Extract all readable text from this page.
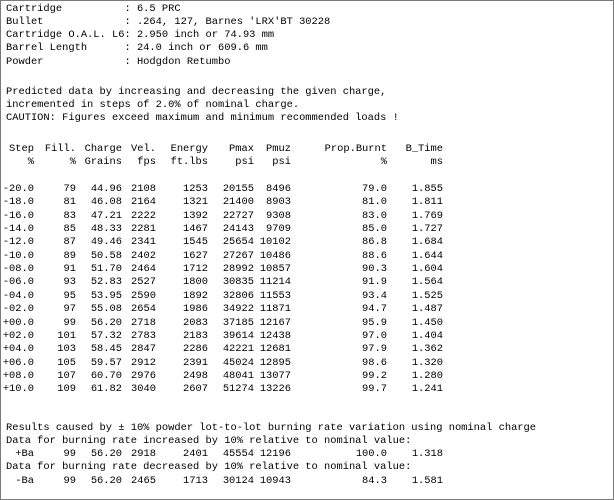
Cartridge          : 6.5 PRC
Bullet             : .264, 127, Barnes 'LRX'BT 30228
Cartridge O.A.L. L6: 2.950 inch or 74.93 mm
Barrel Length      : 24.0 inch or 609.6 mm
Powder             : Hodgdon Retumbo
Predicted data by increasing and decreasing the given charge,
incremented in steps of 2.0% of nominal charge.
CAUTION: Figures exceed maximum and minimum recommended loads !
Step	Fill. Charge Vel.	Energy	Pmax	Pmuz	Prop.Burnt	B_Time
%	% Grains	fps	ft.lbs	psi	psi	%	ms
-20.0	79	44.96 2108	1253	20155	8496	79.0	1.855
-18.0	81	46.08 2164	1321	21400	8903	81.0	1.811
-16.0	83	47.21 2222	1392	22727	9308	83.0	1.769
-14.0	85	48.33 2281	1467	24143	9709	85.0	1.727
-12.0	87	49.46 2341	1545	25654 10102	86.8	1.684
-10.0	89	50.58 2402	1627	27267 10486	88.6	1.644
-08.0	91	51.70 2464	1712	28992 10857	90.3	1.604
-06.0	93	52.83 2527	1800	30835 11214	91.9	1.564
-04.0	95	53.95 2590	1892	32806 11553	93.4	1.525
-02.0	97	55.08 2654	1986	34922 11871	94.7	1.487
+00.0	99	56.20 2718	2083	37185 12167	95.9	1.450
+02.0	101	57.32 2783	2183	39614 12438	97.0	1.404
+04.0	103	58.45 2847	2286	42221 12681	97.9	1.362
+06.0	105	59.57 2912	2391	45024 12895	98.6	1.320
+08.0	107	60.70 2976	2498	48041 13077	99.2	1.280
+10.0	109	61.82 3040	2607	51274 13226	99.7	1.241
Results caused by ± 10% powder lot-to-lot burning rate variation using nominal charge
Data for burning rate increased by 10% relative to nominal value:
+Ba	99	56.20 2918	2401	45554 12196	100.0	1.318
Data for burning rate decreased by 10% relative to nominal value:
-Ba	99	56.20 2465	1713	30124 10943	84.3	1.581
